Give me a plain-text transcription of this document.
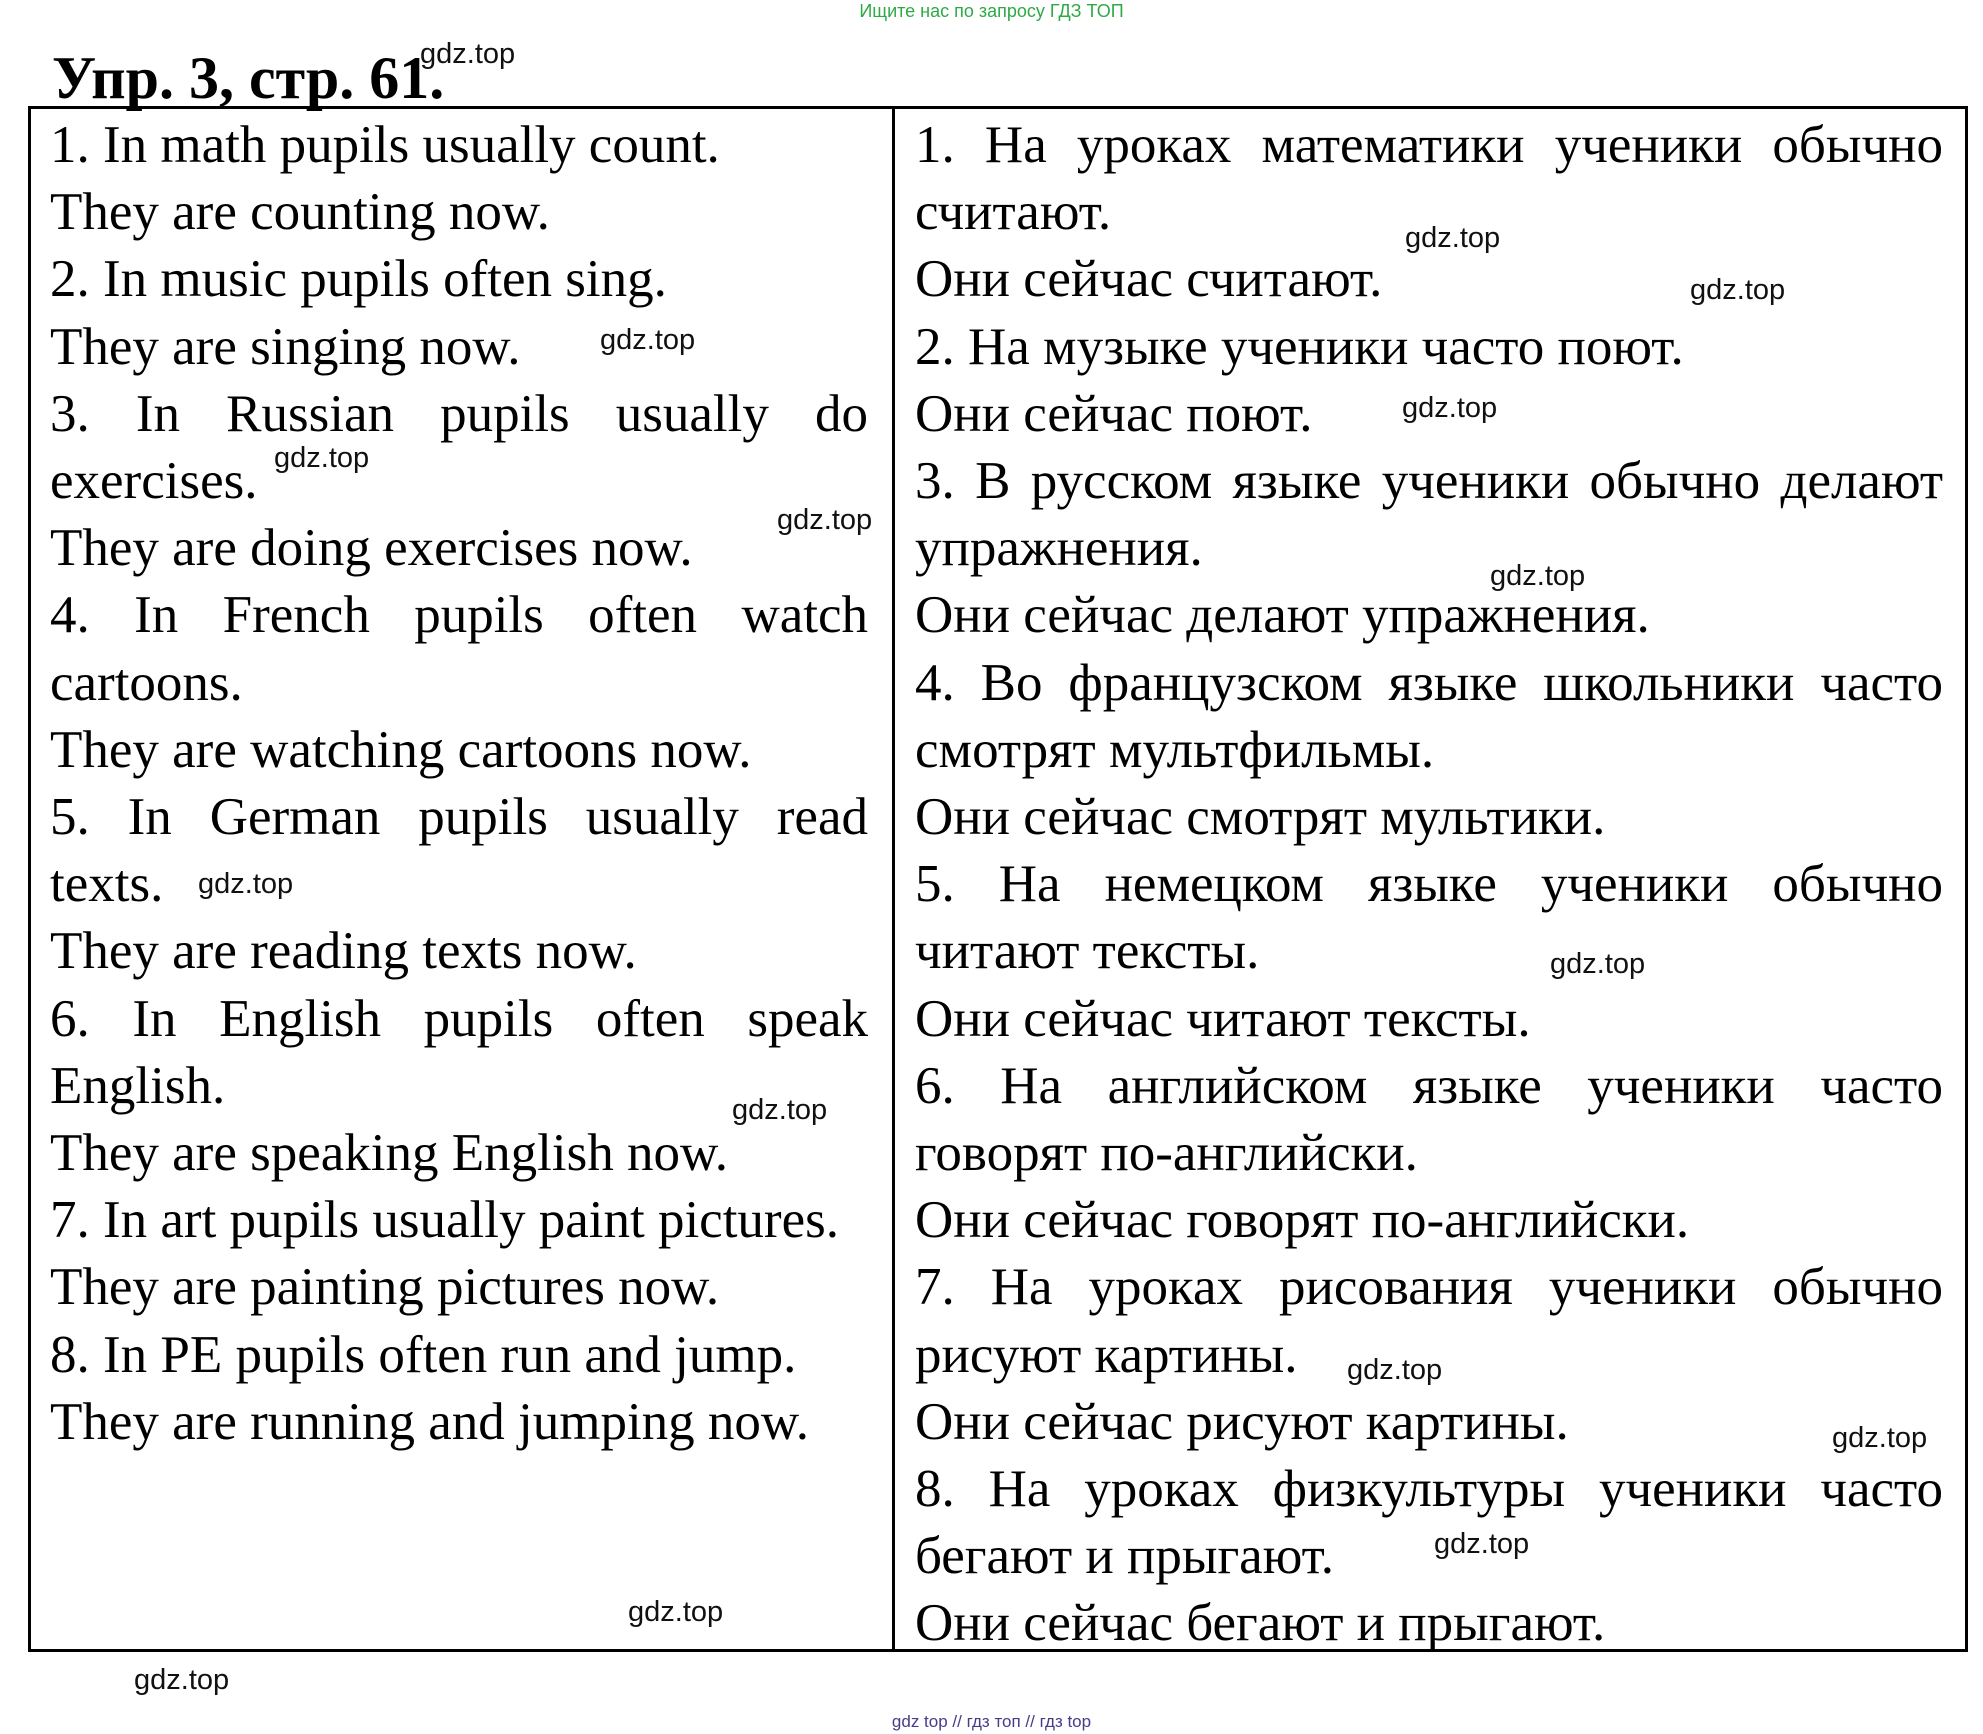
Ищите нас по запросу ГДЗ ТОП
Упр. 3, стр. 61.

1. In math pupils usually count.

They are counting now.

2. In music pupils often sing.

They are singing now.

3. In Russian pupils usually do exercises.

They are doing exercises now.

4. In French pupils often watch cartoons.

They are watching cartoons now.

5. In German pupils usually read texts.

They are reading texts now.

6. In English pupils often speak English.

They are speaking English now.

7. In art pupils usually paint pictures.

They are painting pictures now.

8. In PE pupils often run and jump.

They are running and jumping now.

1. На уроках математики ученики обычно считают.

Они сейчас считают.

2. На музыке ученики часто поют.

Они сейчас поют.

3. В русском языке ученики обычно делают упражнения.

Они сейчас делают упражнения.

4. Во французском языке школьники часто смотрят мультфильмы.

Они сейчас смотрят мультики.

5. На немецком языке ученики обычно читают тексты.

Они сейчас читают тексты.

6. На английском языке ученики часто говорят по-английски.

Они сейчас говорят по-английски.

7. На уроках рисования ученики обычно рисуют картины.

Они сейчас рисуют картины.

8. На уроках физкультуры ученики часто бегают и прыгают.

Они сейчас бегают и прыгают.

gdz.top
gdz.top
gdz.top
gdz.top
gdz.top
gdz.top
gdz.top
gdz.top
gdz.top
gdz.top
gdz.top
gdz.top
gdz.top
gdz.top
gdz.top
gdz.top
gdz top // гдз топ // гдз top
